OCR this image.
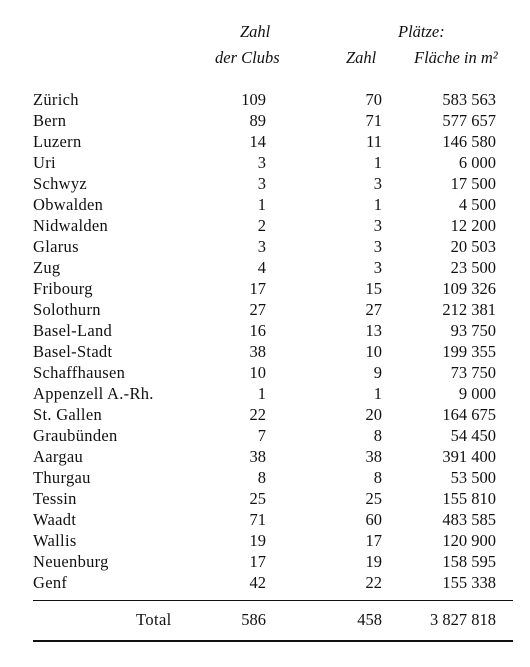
Zahl
der Clubs
Plätze:
Zahl Fläche in m²
Zürich	109	70	583 563
Bern	89	71	577 657
Luzern	14	11	146 580
Uri	3	1	6 000
Schwyz	3	3	17 500
Obwalden	1	1	4 500
Nidwalden	2	3	12 200
Glarus	3	3	20 503
Zug	4	3	23 500
Fribourg	17	15	109 326
Solothurn	27	27	212 381
Basel-Land	16	13	93 750
Basel-Stadt	38	10	199 355
Schaffhausen	10	9	73 750
Appenzell A.-Rh.	1	1	9 000
St. Gallen	22	20	164 675
Graubünden	7	8	54 450
Aargau	38	38	391 400
Thurgau	8	8	53 500
Tessin	25	25	155 810
Waadt	71	60	483 585
Wallis	19	17	120 900
Neuenburg	17	19	158 595
Genf	42	22	155 338
Total	586	458	3 827 818
